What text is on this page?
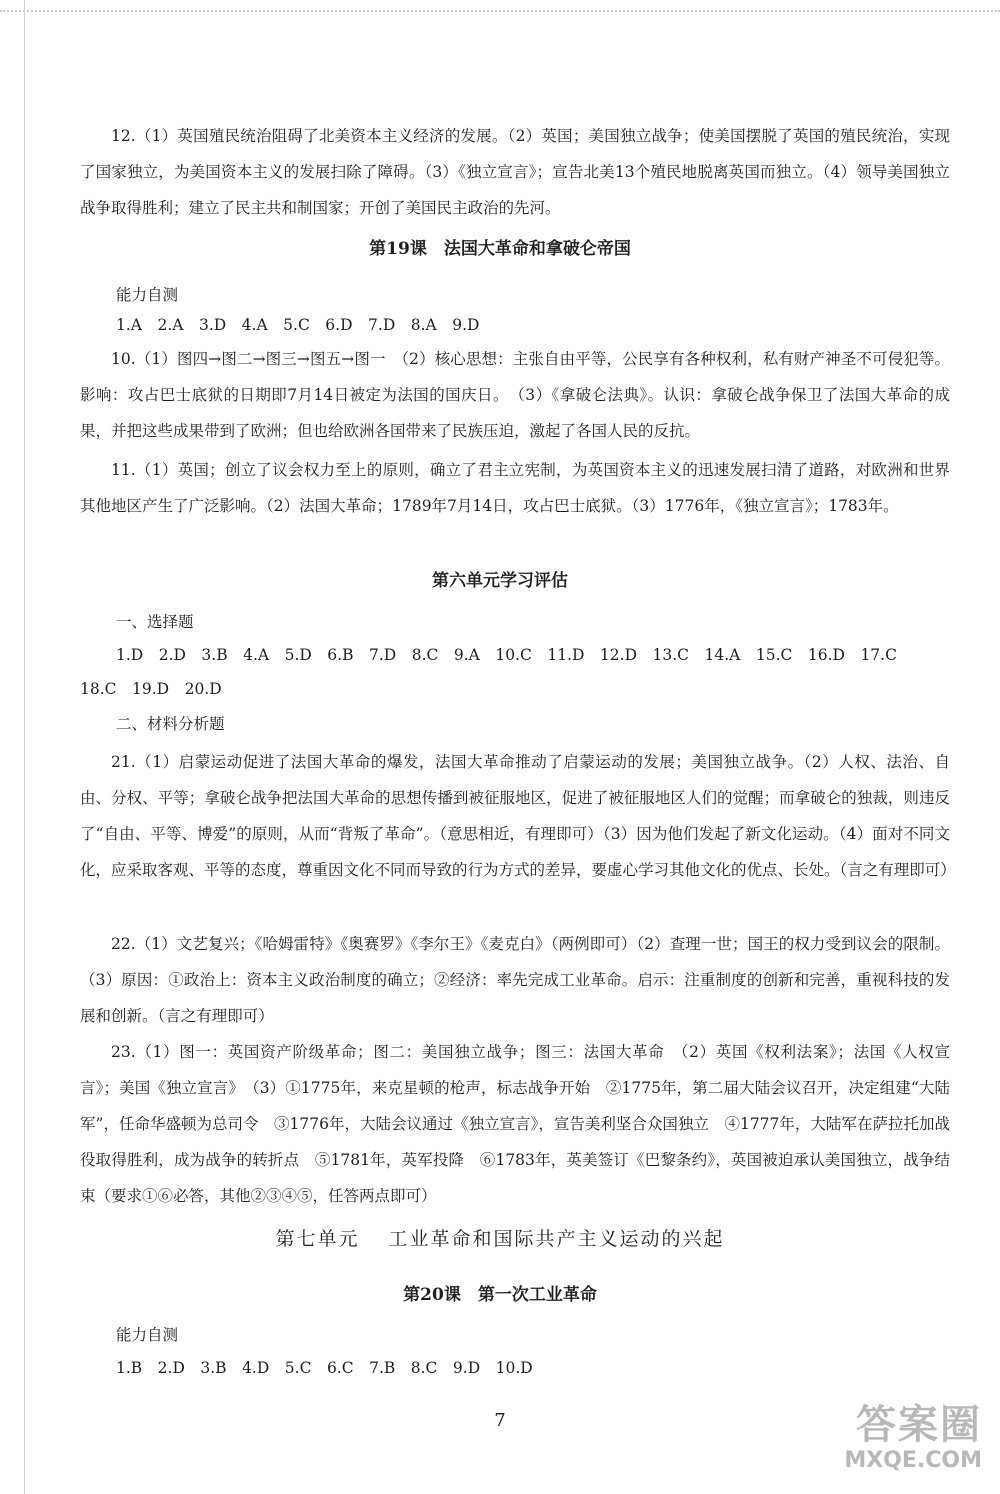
12.（1）英国殖民统治阻碍了北美资本主义经济的发展。（2）英国；美国独立战争；使美国摆脱了英国的殖民统治，实现了国家独立，为美国资本主义的发展扫除了障碍。（3）《独立宣言》；宣告北美13个殖民地脱离英国而独立。（4）领导美国独立战争取得胜利；建立了民主共和制国家；开创了美国民主政治的先河。

第19课　法国大革命和拿破仑帝国

能力自测

1.A　2.A　3.D　4.A　5.C　6.D　7.D　8.A　9.D

10.（1）图四→图二→图三→图五→图一　（2）核心思想：主张自由平等，公民享有各种权利，私有财产神圣不可侵犯等。影响：攻占巴士底狱的日期即7月14日被定为法国的国庆日。　（3）《拿破仑法典》。认识：拿破仑战争保卫了法国大革命的成果，并把这些成果带到了欧洲；但也给欧洲各国带来了民族压迫，激起了各国人民的反抗。

11.（1）英国；创立了议会权力至上的原则，确立了君主立宪制，为英国资本主义的迅速发展扫清了道路，对欧洲和世界其他地区产生了广泛影响。（2）法国大革命；1789年7月14日，攻占巴士底狱。（3）1776年，《独立宣言》；1783年。

第六单元学习评估

一、选择题

1.D　2.D　3.B　4.A　5.D　6.B　7.D　8.C　9.A　10.C　11.D　12.D　13.C　14.A　15.C　16.D　17.C

18.C　19.D　20.D

二、材料分析题

21.（1）启蒙运动促进了法国大革命的爆发，法国大革命推动了启蒙运动的发展；美国独立战争。（2）人权、法治、自由、分权、平等；拿破仑战争把法国大革命的思想传播到被征服地区，促进了被征服地区人们的觉醒；而拿破仑的独裁，则违反了“自由、平等、博爱”的原则，从而“背叛了革命”。（意思相近，有理即可）（3）因为他们发起了新文化运动。（4）面对不同文化，应采取客观、平等的态度，尊重因文化不同而导致的行为方式的差异，要虚心学习其他文化的优点、长处。（言之有理即可）

22.（1）文艺复兴；《哈姆雷特》《奥赛罗》《李尔王》《麦克白》（两例即可）（2）查理一世；国王的权力受到议会的限制。（3）原因：①政治上：资本主义政治制度的确立；②经济：率先完成工业革命。启示：注重制度的创新和完善，重视科技的发展和创新。（言之有理即可）

23.（1）图一：英国资产阶级革命；图二：美国独立战争；图三：法国大革命　（2）英国《权利法案》；法国《人权宣言》；美国《独立宣言》　（3）①1775年，来克星顿的枪声，标志战争开始　②1775年，第二届大陆会议召开，决定组建“大陆军”，任命华盛顿为总司令　③1776年，大陆会议通过《独立宣言》，宣告美利坚合众国独立　④1777年，大陆军在萨拉托加战役取得胜利，成为战争的转折点　⑤1781年，英军投降　⑥1783年，英美签订《巴黎条约》，英国被迫承认美国独立，战争结束（要求①⑥必答，其他②③④⑤，任答两点即可）

第七单元　 工业革命和国际共产主义运动的兴起
第20课　第一次工业革命

能力自测

1.B　2.D　3.B　4.D　5.C　6.C　7.B　8.C　9.D　10.D

7	答案圈
MXQE.COM
